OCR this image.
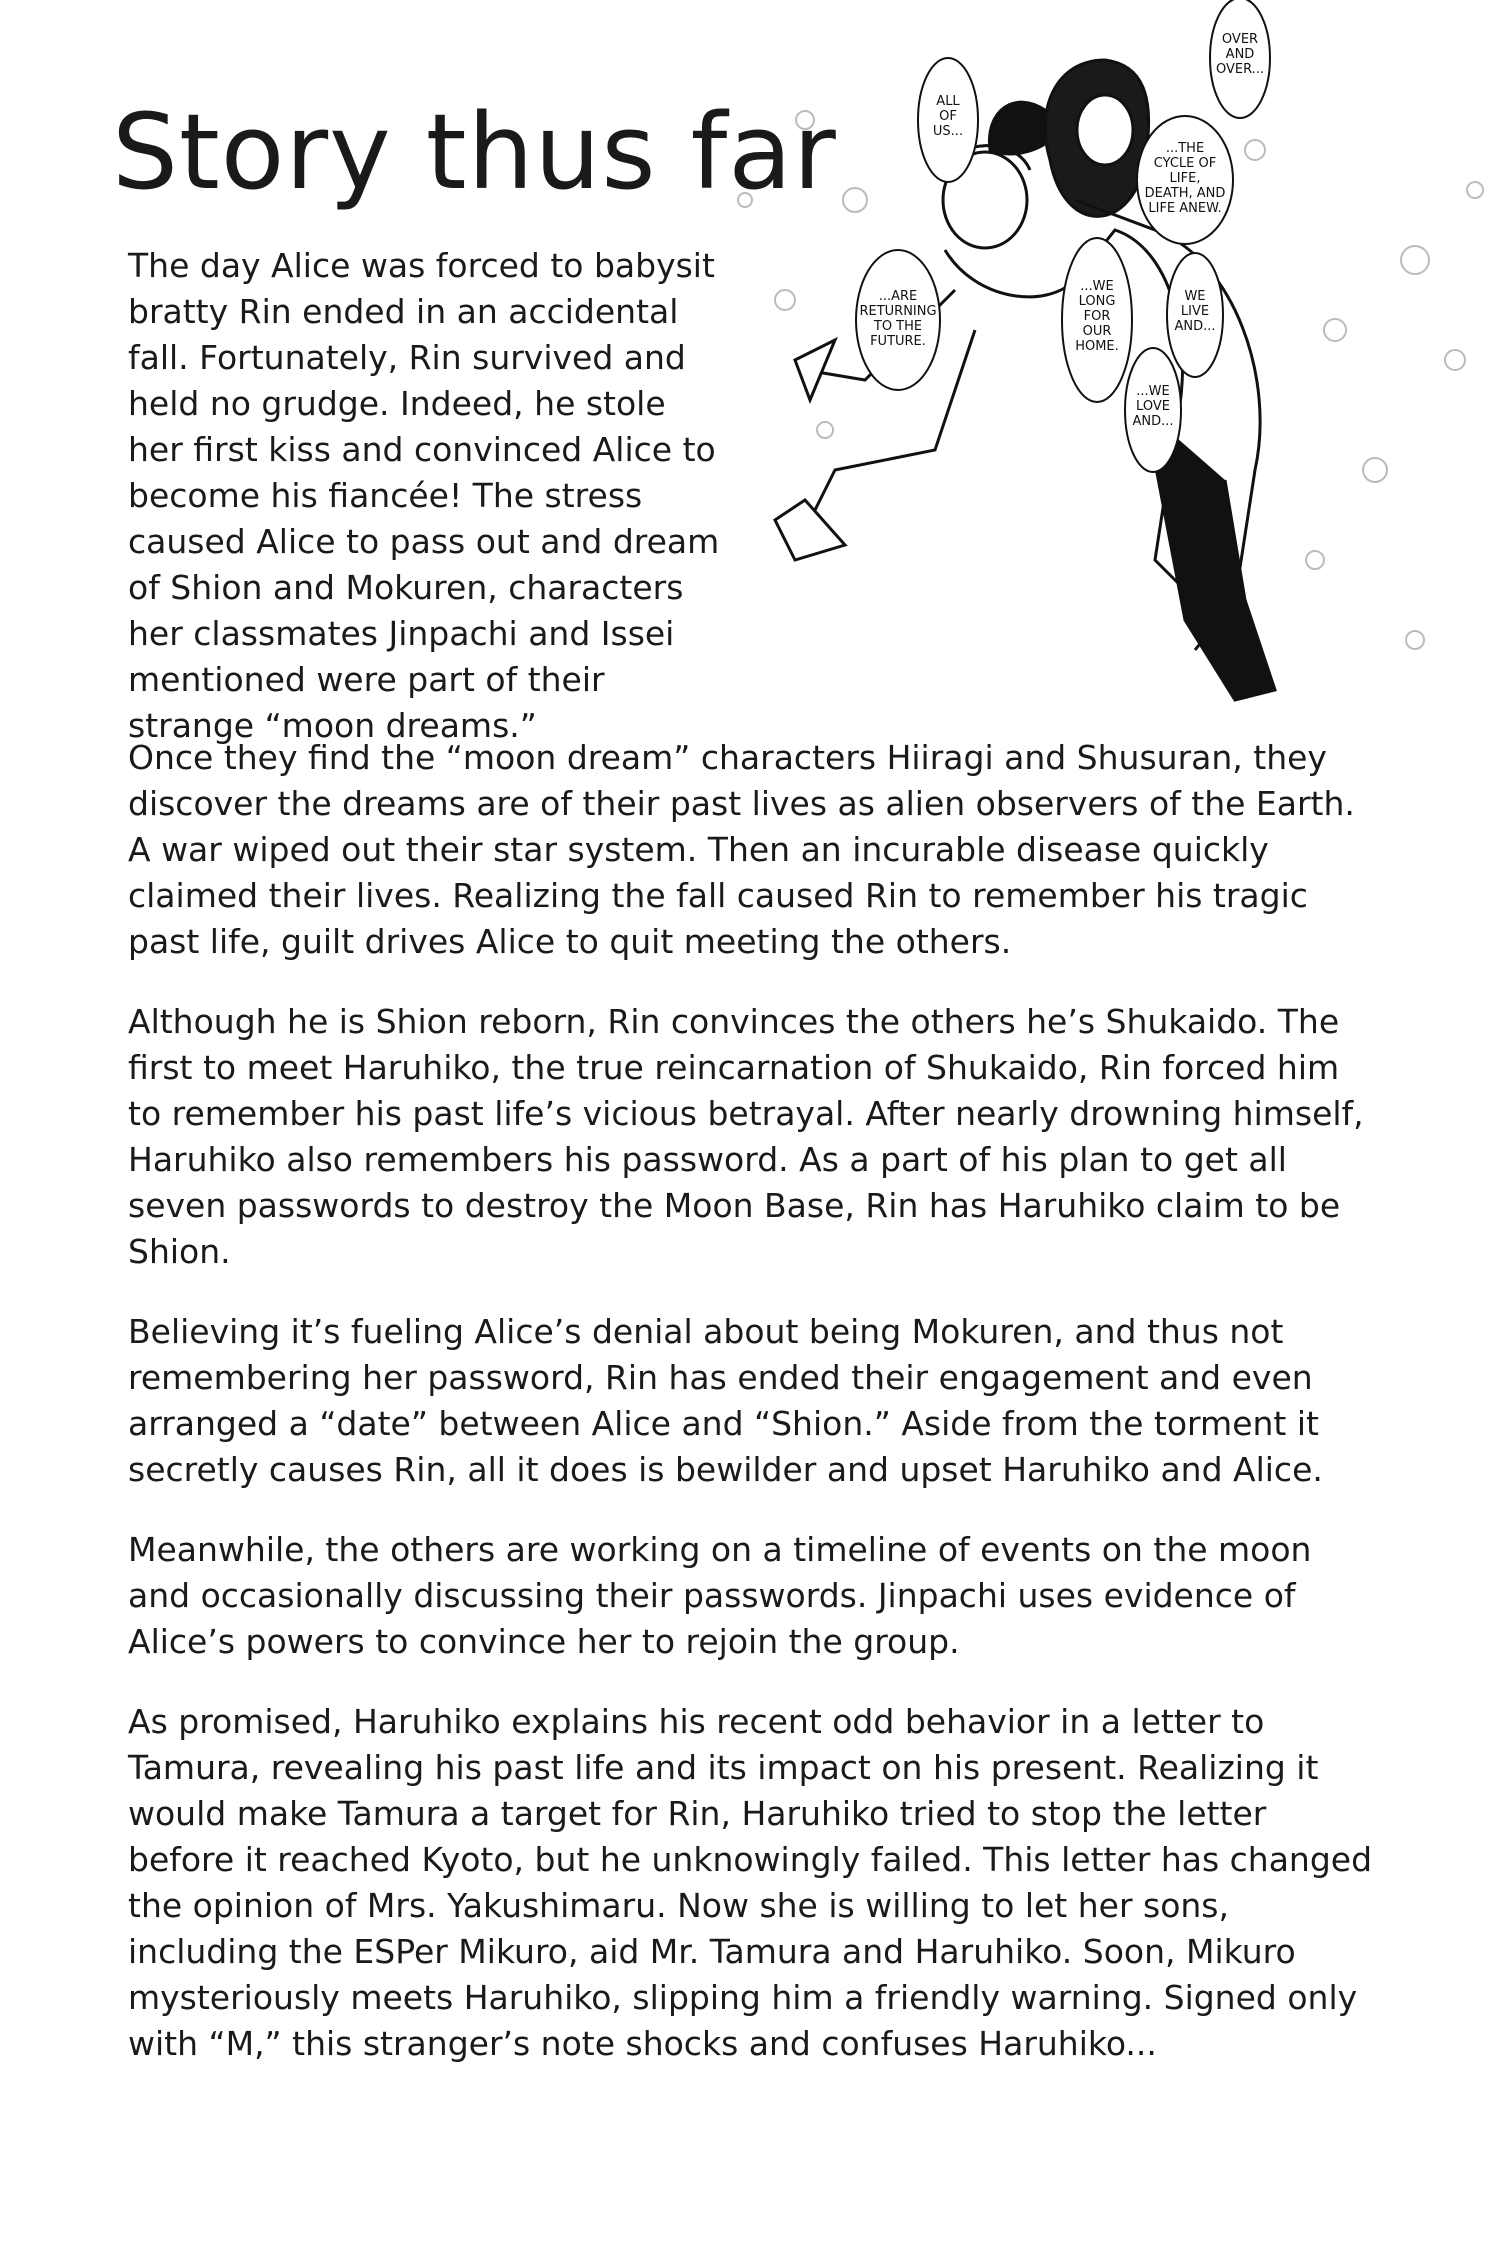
Story thus far

The day Alice was forced to babysit bratty Rin ended in an accidental fall. Fortunately, Rin survived and held no grudge. Indeed, he stole her first kiss and convinced Alice to become his fiancée! The stress caused Alice to pass out and dream of Shion and Mokuren, characters her classmates Jinpachi and Issei mentioned were part of their strange “moon dreams.”

ALL OF US...
OVER AND OVER...
...THE CYCLE OF LIFE, DEATH, AND LIFE ANEW.
...ARE RETURNING TO THE FUTURE.
...WE LONG FOR OUR HOME.
WE LIVE AND...
...WE LOVE AND...

Once they find the “moon dream” characters Hiiragi and Shusuran, they discover the dreams are of their past lives as alien observers of the Earth. A war wiped out their star system. Then an incurable disease quickly claimed their lives. Realizing the fall caused Rin to remember his tragic past life, guilt drives Alice to quit meeting the others.

Although he is Shion reborn, Rin convinces the others he’s Shukaido. The first to meet Haruhiko, the true reincarnation of Shukaido, Rin forced him to remember his past life’s vicious betrayal. After nearly drowning himself, Haruhiko also remembers his password. As a part of his plan to get all seven passwords to destroy the Moon Base, Rin has Haruhiko claim to be Shion.

Believing it’s fueling Alice’s denial about being Mokuren, and thus not remembering her password, Rin has ended their engagement and even arranged a “date” between Alice and “Shion.” Aside from the torment it secretly causes Rin, all it does is bewilder and upset Haruhiko and Alice.

Meanwhile, the others are working on a timeline of events on the moon and occasionally discussing their passwords. Jinpachi uses evidence of Alice’s powers to convince her to rejoin the group.

As promised, Haruhiko explains his recent odd behavior in a letter to Tamura, revealing his past life and its impact on his present. Realizing it would make Tamura a target for Rin, Haruhiko tried to stop the letter before it reached Kyoto, but he unknowingly failed. This letter has changed the opinion of Mrs. Yakushimaru. Now she is willing to let her sons, including the ESPer Mikuro, aid Mr. Tamura and Haruhiko. Soon, Mikuro mysteriously meets Haruhiko, slipping him a friendly warning. Signed only with “M,” this stranger’s note shocks and confuses Haruhiko...
